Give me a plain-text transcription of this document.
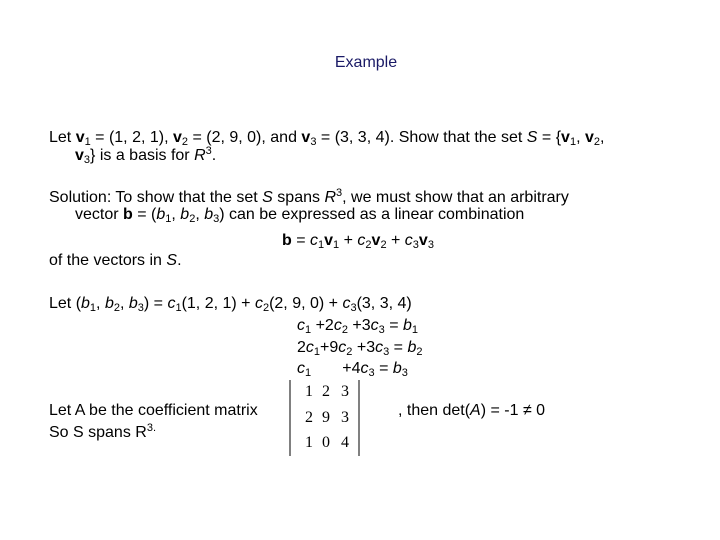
Example
Let $v_1 = (1$, 2, 1), $v_2 = (2$, 9, 0), and $v_3 = (3$, 3, 4). Show that the set $S = \{v_1$, $v_2$,
$v_3$} is a basis for $R^3$.
Solution: To show that the set S spans $R^3$, we must show that an arbitrary
vector $b = (b_1$, $b_2$, $b_3$) can be expressed as a linear combination
$b = c_1v_1 + c_2v_2 + c_3v_3$
of the vectors in S.
Let ($b_1$, $b_2$, $b_3) = c_1(1$, 2, $1) + c_2(2$, 9, $0) + c_3(3$, 3, 4)
$c_1 +2c_2 +3c_3 = b_1$
$2c_1+9c_2 +3c_3 = b_2$
$c_1$       $+4c_3 = b_3$
Let A be the coefficient matrix
So S spans $R^{3.}$
, then det(A) = -1 ≠ 0
1 2 3
2 9 3
1 0 4
